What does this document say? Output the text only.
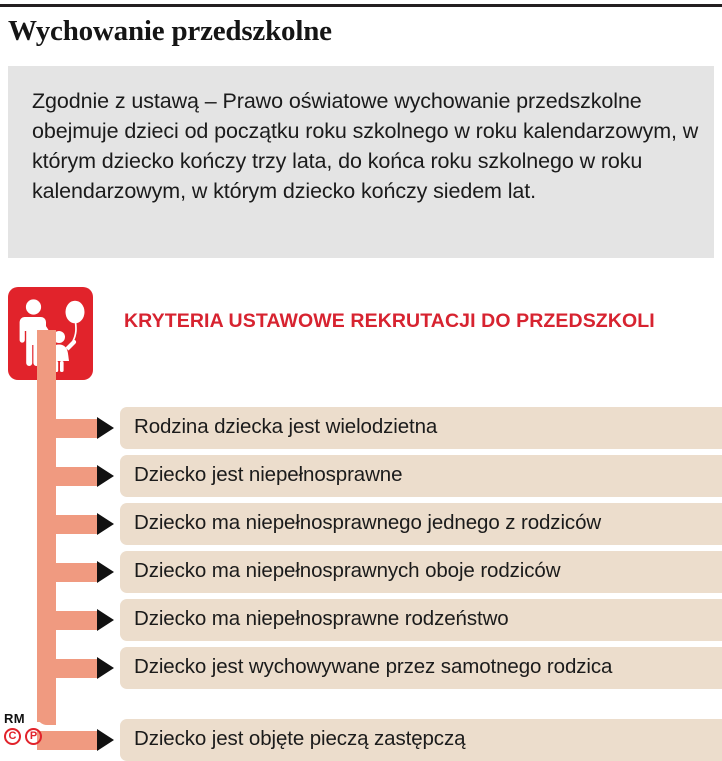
Wychowanie przedszkolne
Zgodnie z ustawą – Prawo oświatowe wychowanie przedszkolne obejmuje dzieci od początku roku szkolnego w roku kalendarzowym, w którym dziecko kończy trzy lata, do końca roku szkolnego w roku kalendarzowym, w którym dziecko kończy siedem lat.
KRYTERIA USTAWOWE REKRUTACJI DO PRZEDSZKOLI
Rodzina dziecka jest wielodzietna
Dziecko jest niepełnosprawne
Dziecko ma niepełnosprawnego jednego z rodziców
Dziecko ma niepełnosprawnych oboje rodziców
Dziecko ma niepełnosprawne rodzeństwo
Dziecko jest wychowywane przez samotnego rodzica
Dziecko jest objęte pieczą zastępczą
RM
C	P
